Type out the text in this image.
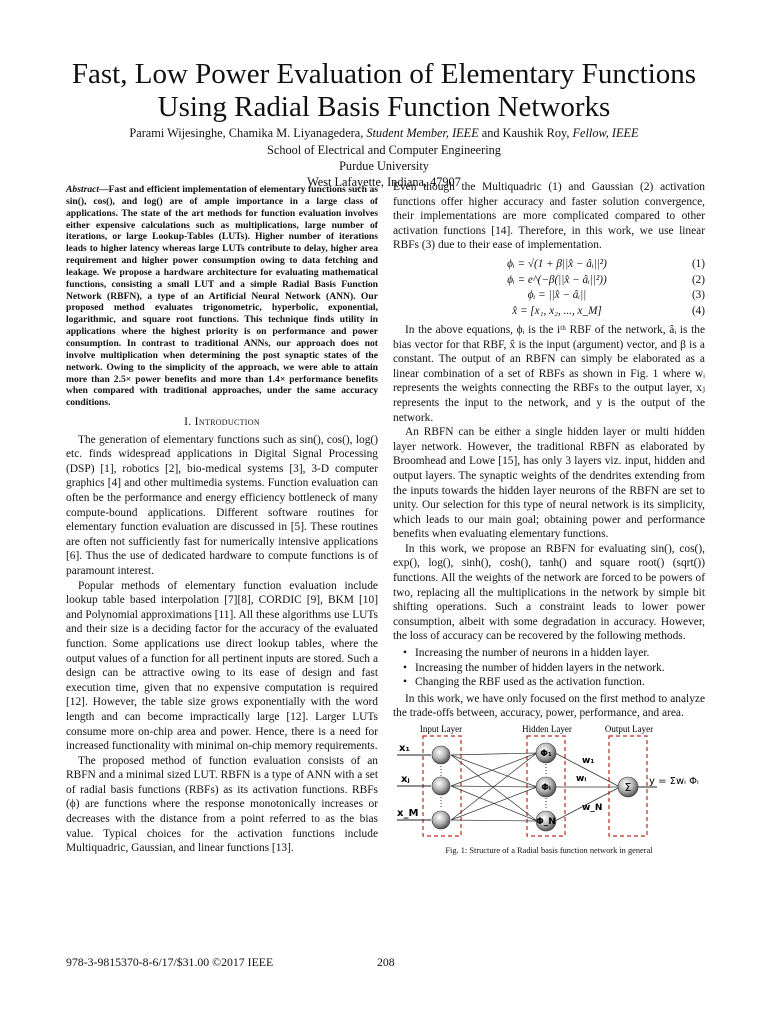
Fast, Low Power Evaluation of Elementary Functions
Using Radial Basis Function Networks
Parami Wijesinghe, Chamika M. Liyanagedera, Student Member, IEEE and Kaushik Roy, Fellow, IEEE
School of Electrical and Computer Engineering
Purdue University
West Lafayette, Indiana, 47907
Abstract—Fast and efficient implementation of elementary functions such as sin(), cos(), and log() are of ample importance in a large class of applications. The state of the art methods for function evaluation involves either expensive calculations such as multiplications, large number of iterations, or large Lookup-Tables (LUTs). Higher number of iterations leads to higher latency whereas large LUTs contribute to delay, higher area requirement and higher power consumption owing to data fetching and leakage. We propose a hardware architecture for evaluating mathematical functions, consisting a small LUT and a simple Radial Basis Function Network (RBFN), a type of an Artificial Neural Network (ANN). Our proposed method evaluates trigonometric, hyperbolic, exponential, logarithmic, and square root functions. This technique finds utility in applications where the highest priority is on performance and power consumption. In contrast to traditional ANNs, our approach does not involve multiplication when determining the post synaptic states of the network. Owing to the simplicity of the approach, we were able to attain more than 2.5× power benefits and more than 1.4× performance benefits when compared with traditional approaches, under the same accuracy conditions.
I. Introduction

The generation of elementary functions such as sin(), cos(), log() etc. finds widespread applications in Digital Signal Processing (DSP) [1], robotics [2], bio-medical systems [3], 3-D computer graphics [4] and other multimedia systems. Function evaluation can often be the performance and energy efficiency bottleneck of many compute-bound applications. Different software routines for elementary function evaluation are discussed in [5]. These routines are often not sufficiently fast for numerically intensive applications [6]. Thus the use of dedicated hardware to compute functions is of paramount interest.

Popular methods of elementary function evaluation include lookup table based interpolation [7][8], CORDIC [9], BKM [10] and Polynomial approximations [11]. All these algorithms use LUTs and their size is a deciding factor for the accuracy of the evaluated function. Some applications use direct lookup tables, where the output values of a function for all pertinent inputs are stored. Such a design can be attractive owing to its ease of design and fast execution time, given that no expensive computation is required [12]. However, the table size grows exponentially with the word length and can become impractically large [12]. Larger LUTs consume more on-chip area and power. Hence, there is a need for increased functionality with minimal on-chip memory requirements.

The proposed method of function evaluation consists of an RBFN and a minimal sized LUT. RBFN is a type of ANN with a set of radial basis functions (RBFs) as its activation functions. RBFs (ϕ) are functions where the response monotonically increases or decreases with the distance from a point referred to as the bias value. Typical choices for the activation functions include Multiquadric, Gaussian, and linear functions [13].

Even though the Multiquadric (1) and Gaussian (2) activation functions offer higher accuracy and faster solution convergence, their implementations are more complicated compared to other activation functions [14]. Therefore, in this work, we use linear RBFs (3) due to their ease of implementation.

ϕᵢ = √(1 + β||x̂ − âᵢ||²)	(1)
ϕᵢ = e^(−β(||x̂ − âᵢ||²))	(2)
ϕᵢ = ||x̂ − âᵢ||	(3)
x̂ = [x₁, x₂, ..., x_M]	(4)

In the above equations, ϕᵢ is the iᵗʰ RBF of the network, âᵢ is the bias vector for that RBF, x̂ is the input (argument) vector, and β is a constant. The output of an RBFN can simply be elaborated as a linear combination of a set of RBFs as shown in Fig. 1 where wᵢ represents the weights connecting the RBFs to the output layer, xⱼ represents the input to the network, and y is the output of the network.

An RBFN can be either a single hidden layer or multi hidden layer network. However, the traditional RBFN as elaborated by Broomhead and Lowe [15], has only 3 layers viz. input, hidden and output layers. The synaptic weights of the dendrites extending from the inputs towards the hidden layer neurons of the RBFN are set to unity. Our selection for this type of neural network is its simplicity, which leads to our main goal; obtaining power and performance benefits when evaluating elementary functions.

In this work, we propose an RBFN for evaluating sin(), cos(), exp(), log(), sinh(), cosh(), tanh() and square root() (sqrt()) functions. All the weights of the network are forced to be powers of two, replacing all the multiplications in the network by simple bit shifting operations. Such a constraint leads to lower power consumption, albeit with some degradation in accuracy. However, the loss of accuracy can be recovered by the following methods.

• Increasing the number of neurons in a hidden layer.
• Increasing the number of hidden layers in the network.
• Changing the RBF used as the activation function.

In this work, we have only focused on the first method to analyze the trade-offs between, accuracy, power, performance, and area.

Input Layer	Hidden Layer	Output Layer
x₁
xⱼ
x_M
Φ₁
Φᵢ
Φ_N
Σ
w₁
wᵢ
w_N
y = Σwᵢ Φᵢ
Fig. 1: Structure of a Radial basis function network in general
978-3-9815370-8-6/17/$31.00 ©2017 IEEE	208
